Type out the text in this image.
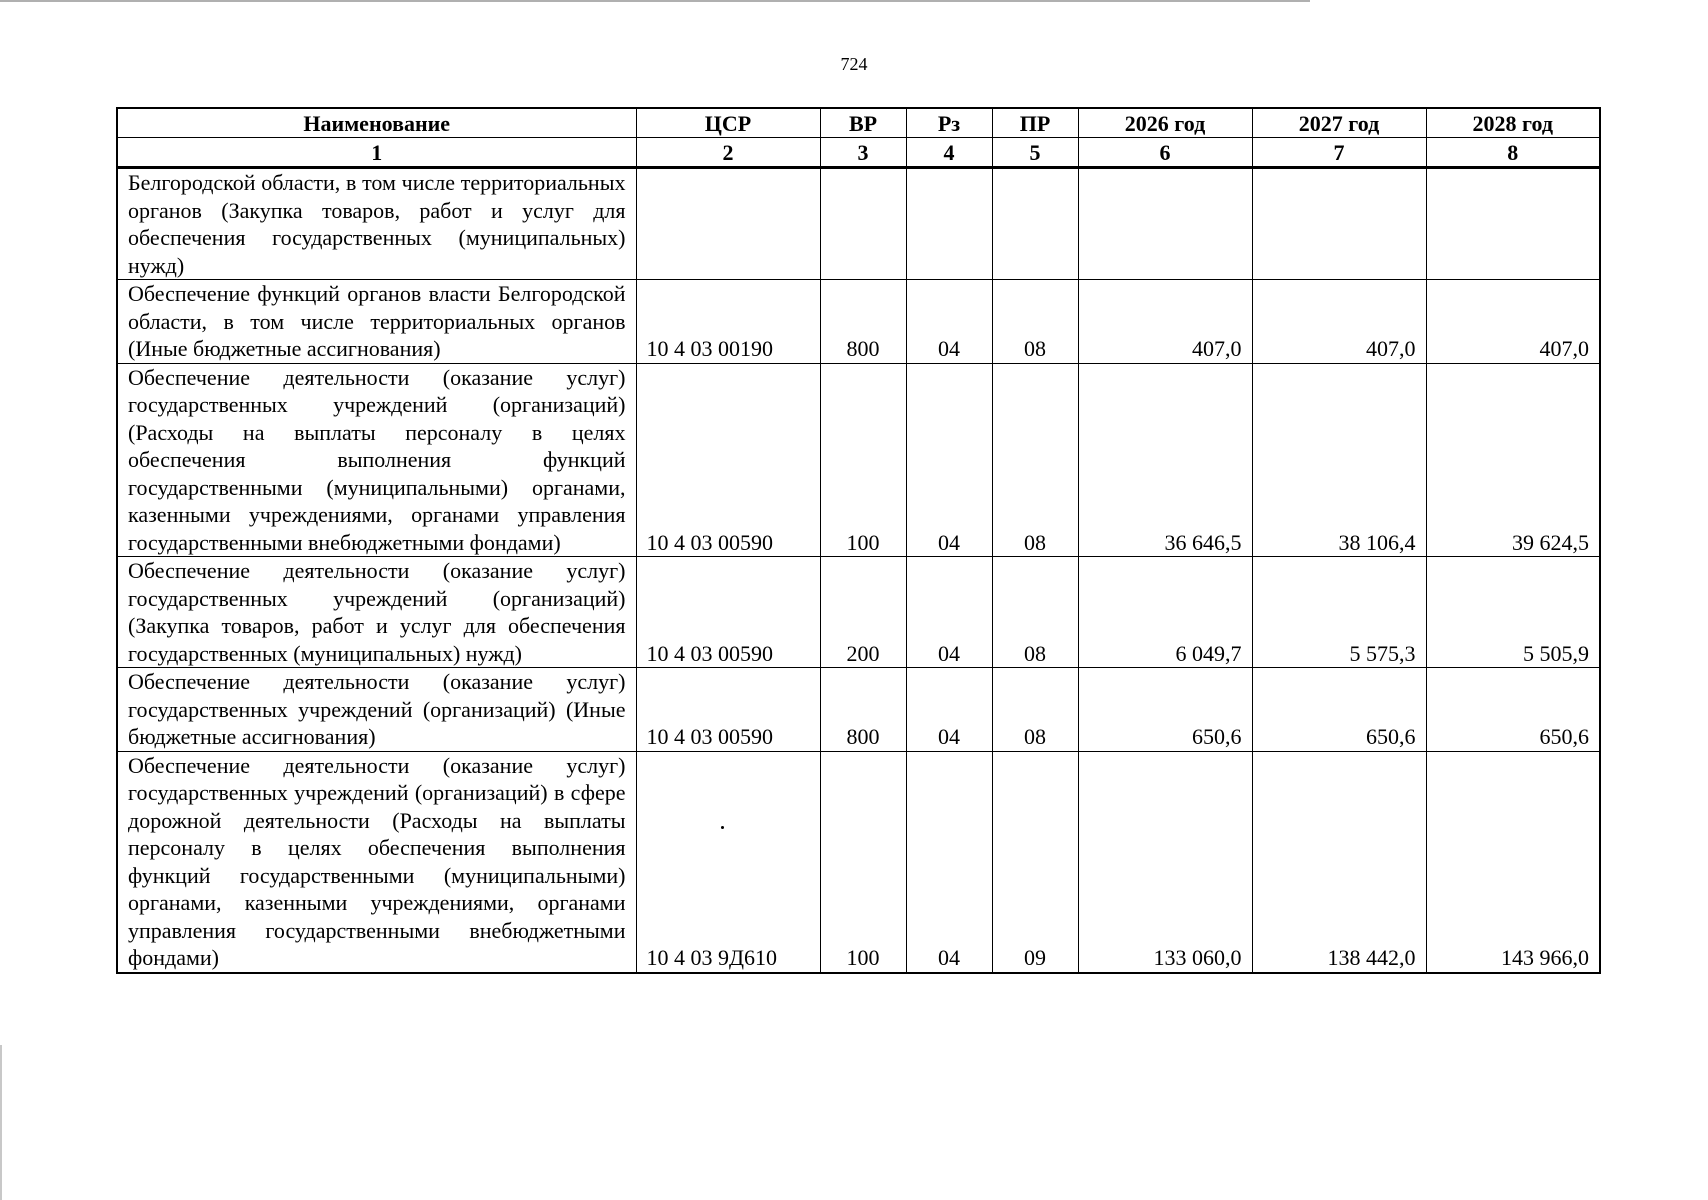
724
Наименование	ЦСР	ВР	Рз	ПР	2026 год	2027 год	2028 год
1	2	3	4	5	6	7	8
Белгородской области, в том числе территориальных органов (Закупка товаров, работ и услуг для обеспечения государственных (муниципальных) нужд)							
Обеспечение функций органов власти Белгородской области, в том числе территориальных органов (Иные бюджетные ассигнования)	10 4 03 00190	800	04	08	407,0	407,0	407,0
Обеспечение деятельности (оказание услуг) государственных учреждений (организаций) (Расходы на выплаты персоналу в целях обеспечения выполнения функций государственными (муниципальными) органами, казенными учреждениями, органами управления государственными внебюджетными фондами)	10 4 03 00590	100	04	08	36 646,5	38 106,4	39 624,5
Обеспечение деятельности (оказание услуг) государственных учреждений (организаций) (Закупка товаров, работ и услуг для обеспечения государственных (муниципальных) нужд)	10 4 03 00590	200	04	08	6 049,7	5 575,3	5 505,9
Обеспечение деятельности (оказание услуг) государственных учреждений (организаций) (Иные бюджетные ассигнования)	10 4 03 00590	800	04	08	650,6	650,6	650,6
Обеспечение деятельности (оказание услуг) государственных учреждений (организаций) в сфере дорожной деятельности (Расходы на выплаты персоналу в целях обеспечения выполнения функций государственными (муниципальными) органами, казенными учреждениями, органами управления государственными внебюджетными фондами)	10 4 03 9Д610	100	04	09	133 060,0	138 442,0	143 966,0
